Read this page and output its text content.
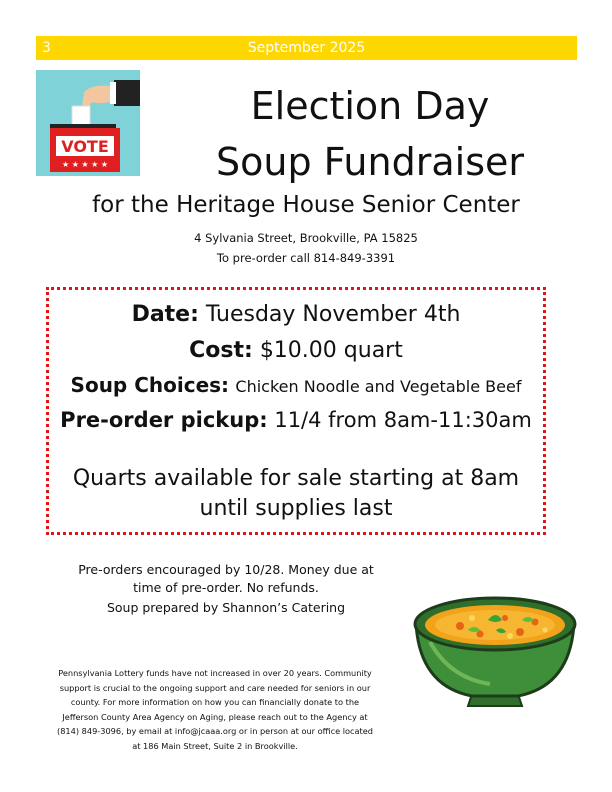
3	September 2025
VOTE
★ ★ ★ ★ ★
Election Day
Soup Fundraiser
for the Heritage House Senior Center
4 Sylvania Street, Brookville, PA 15825
To pre-order call 814-849-3391
Date: Tuesday November 4th
Cost: $10.00 quart
Soup Choices: Chicken Noodle and Vegetable Beef
Pre-order pickup: 11/4 from 8am-11:30am
Quarts available for sale starting at 8am
until supplies last
Pre-orders encouraged by 10/28. Money due at
time of pre-order. No refunds.
Soup prepared by Shannon’s Catering
Pennsylvania Lottery funds have not increased in over 20 years. Community
support is crucial to the ongoing support and care needed for seniors in our
county. For more information on how you can financially donate to the
Jefferson County Area Agency on Aging, please reach out to the Agency at
(814) 849-3096, by email at info@jcaaa.org or in person at our office located
at 186 Main Street, Suite 2 in Brookville.
